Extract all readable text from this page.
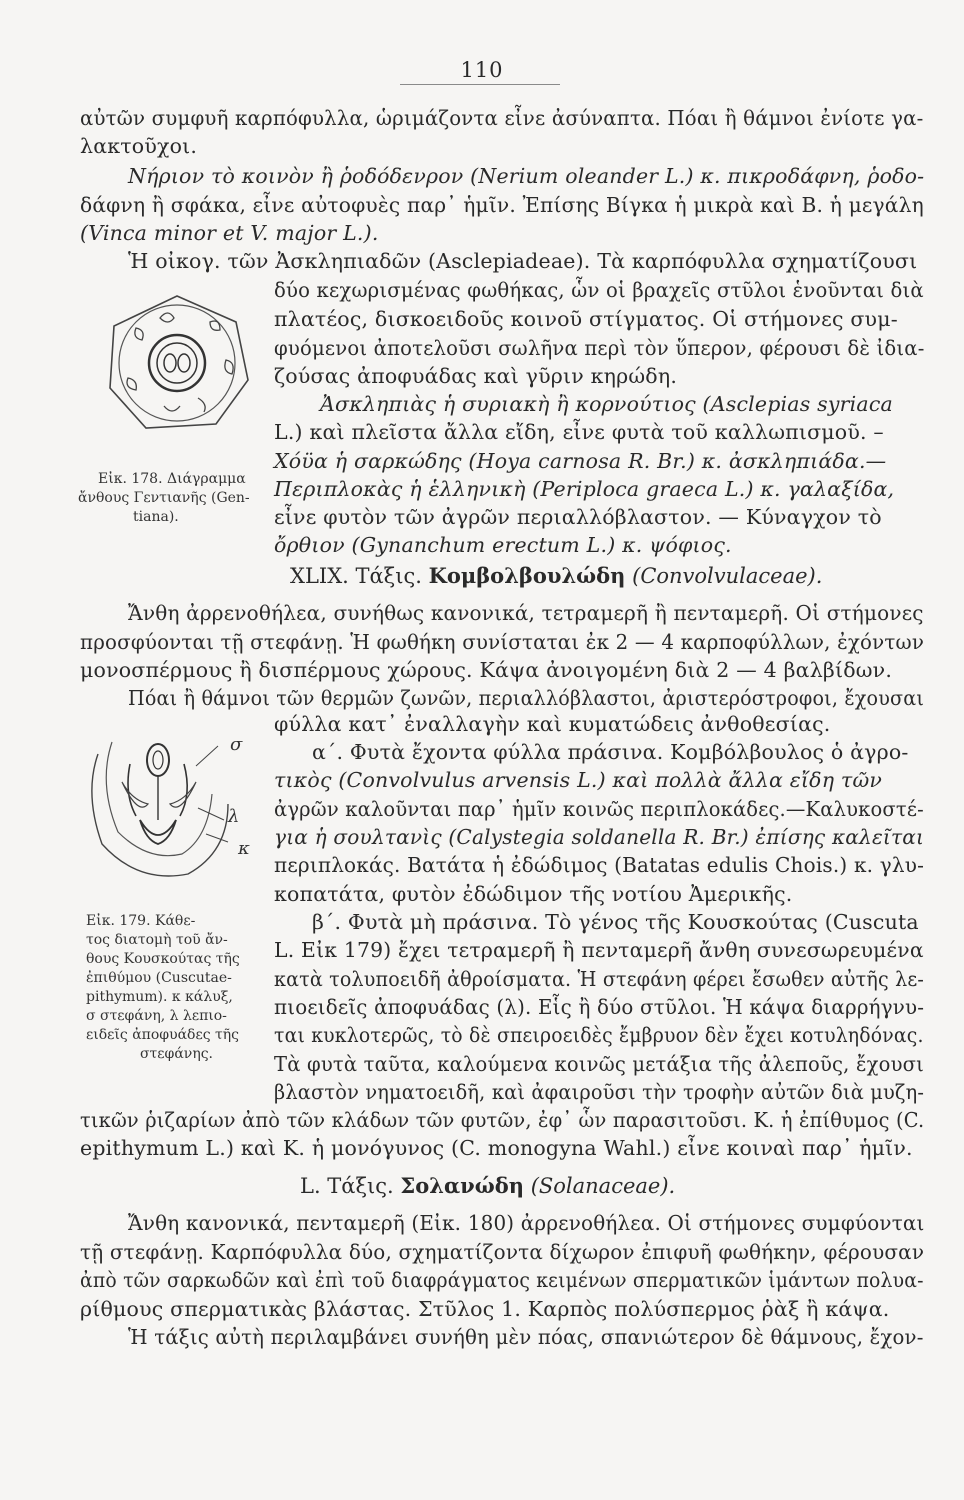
110
αὐτῶν συμφυῆ καρπόφυλλα, ὡριμάζοντα εἶνε ἀσύναπτα. Πόαι ἢ θάμνοι ἐνίοτε γα-
λακτοῦχοι.
Νήριον τὸ κοινὸν ἢ ῥοδόδενρον (Nerium oleander L.) κ. πικροδάφνη, ῥοδο-
δάφνη ἢ σφάκα, εἶνε αὐτοφυὲς παρ᾽ ἡμῖν. Ἐπίσης Βίγκα ἡ μικρὰ καὶ Β. ἡ μεγάλη
(Vinca minor et V. major L.).
Ἡ οἰκογ. τῶν Ἀσκληπιαδῶν (Asclepiadeae). Τὰ καρπόφυλλα σχηματίζουσι
δύο κεχωρισμένας φωθήκας, ὧν οἱ βραχεῖς στῦλοι ἑνοῦνται διὰ
πλατέος, δισκοειδοῦς κοινοῦ στίγματος. Οἱ στήμονες συμ-
φυόμενοι ἀποτελοῦσι σωλῆνα περὶ τὸν ὕπερον, φέρουσι δὲ ἰδια-
ζούσας ἀποφυάδας καὶ γῦριν κηρώδη.
Ἀσκληπιὰς ἡ συριακὴ ἢ κορνούτιος (Asclepias syriaca
L.) καὶ πλεῖστα ἄλλα εἴδη, εἶνε φυτὰ τοῦ καλλωπισμοῦ. –
Χόϋα ἡ σαρκώδης (Hoya carnosa R. Br.) κ. ἀσκληπιάδα.—
Περιπλοκὰς ἡ ἑλληνικὴ (Periploca graeca L.) κ. γαλαξίδα,
εἶνε φυτὸν τῶν ἀγρῶν περιαλλόβλαστον. — Κύναγχον τὸ
ὄρθιον (Gynanchum erectum L.) κ. ψόφιος.
Εἰκ. 178. Διάγραμμα
ἄνθους Γεντιανῆς (Gen-
tiana).
XLIX. Τάξις. Κομβολβουλώδη (Convolvulaceae).
Ἄνθη ἀρρενοθήλεα, συνήθως κανονικά, τετραμερῆ ἢ πενταμερῆ. Οἱ στήμονες
προσφύονται τῇ στεφάνῃ. Ἡ φωθήκη συνίσταται ἐκ 2 — 4 καρποφύλλων, ἐχόντων
μονοσπέρμους ἢ δισπέρμους χώρους. Κάψα ἀνοιγομένη διὰ 2 — 4 βαλβίδων.
Πόαι ἢ θάμνοι τῶν θερμῶν ζωνῶν, περιαλλόβλαστοι, ἀριστερόστροφοι, ἔχουσαι
σ
λ
κ
φύλλα κατ᾽ ἐναλλαγὴν καὶ κυματώδεις ἀνθοθεσίας.
α΄. Φυτὰ ἔχοντα φύλλα πράσινα. Κομβόλβουλος ὁ ἀγρο-
τικὸς (Convolvulus arvensis L.) καὶ πολλὰ ἄλλα εἴδη τῶν
ἀγρῶν καλοῦνται παρ᾽ ἡμῖν κοινῶς περιπλοκάδες.—Καλυκοστέ-
για ἡ σουλτανὶς (Calystegia soldanella R. Br.) ἐπίσης καλεῖται
περιπλοκάς. Βατάτα ἡ ἐδώδιμος (Batatas edulis Chois.) κ. γλυ-
κοπατάτα, φυτὸν ἐδώδιμον τῆς νοτίου Ἀμερικῆς.
β΄. Φυτὰ μὴ πράσινα. Τὸ γένος τῆς Κουσκούτας (Cuscuta
L. Εἰκ 179) ἔχει τετραμερῆ ἢ πενταμερῆ ἄνθη συνεσωρευμένα
κατὰ τολυποειδῆ ἀθροίσματα. Ἡ στεφάνη φέρει ἔσωθεν αὐτῆς λε-
πιοειδεῖς ἀποφυάδας (λ). Εἷς ἢ δύο στῦλοι. Ἡ κάψα διαρρήγνυ-
ται κυκλοτερῶς, τὸ δὲ σπειροειδὲς ἔμβρυον δὲν ἔχει κοτυληδόνας.
Τὰ φυτὰ ταῦτα, καλούμενα κοινῶς μετάξια τῆς ἀλεποῦς, ἔχουσι
βλαστὸν νηματοειδῆ, καὶ ἀφαιροῦσι τὴν τροφὴν αὐτῶν διὰ μυζη-
Εἰκ. 179. Κάθε-
τος διατομὴ τοῦ ἄν-
θους Κουσκούτας τῆς
ἐπιθύμου (Cuscutae-
pithymum). κ κάλυξ,
σ στεφάνη, λ λεπιο-
ειδεῖς ἀποφυάδες τῆς
στεφάνης.
τικῶν ῥιζαρίων ἀπὸ τῶν κλάδων τῶν φυτῶν, ἐφ᾽ ὧν παρασιτοῦσι. Κ. ἡ ἐπίθυμος (C.
epithymum L.) καὶ Κ. ἡ μονόγυνος (C. monogyna Wahl.) εἶνε κοιναὶ παρ᾽ ἡμῖν.
L. Τάξις. Σολανώδη (Solanaceae).
Ἄνθη κανονικά, πενταμερῆ (Εἰκ. 180) ἀρρενοθήλεα. Οἱ στήμονες συμφύονται
τῇ στεφάνῃ. Καρπόφυλλα δύο, σχηματίζοντα δίχωρον ἐπιφυῆ φωθήκην, φέρουσαν
ἀπὸ τῶν σαρκωδῶν καὶ ἐπὶ τοῦ διαφράγματος κειμένων σπερματικῶν ἱμάντων πολυα-
ρίθμους σπερματικὰς βλάστας. Στῦλος 1. Καρπὸς πολύσπερμος ῥὰξ ἢ κάψα.
Ἡ τάξις αὐτὴ περιλαμβάνει συνήθη μὲν πόας, σπανιώτερον δὲ θάμνους, ἔχον-
